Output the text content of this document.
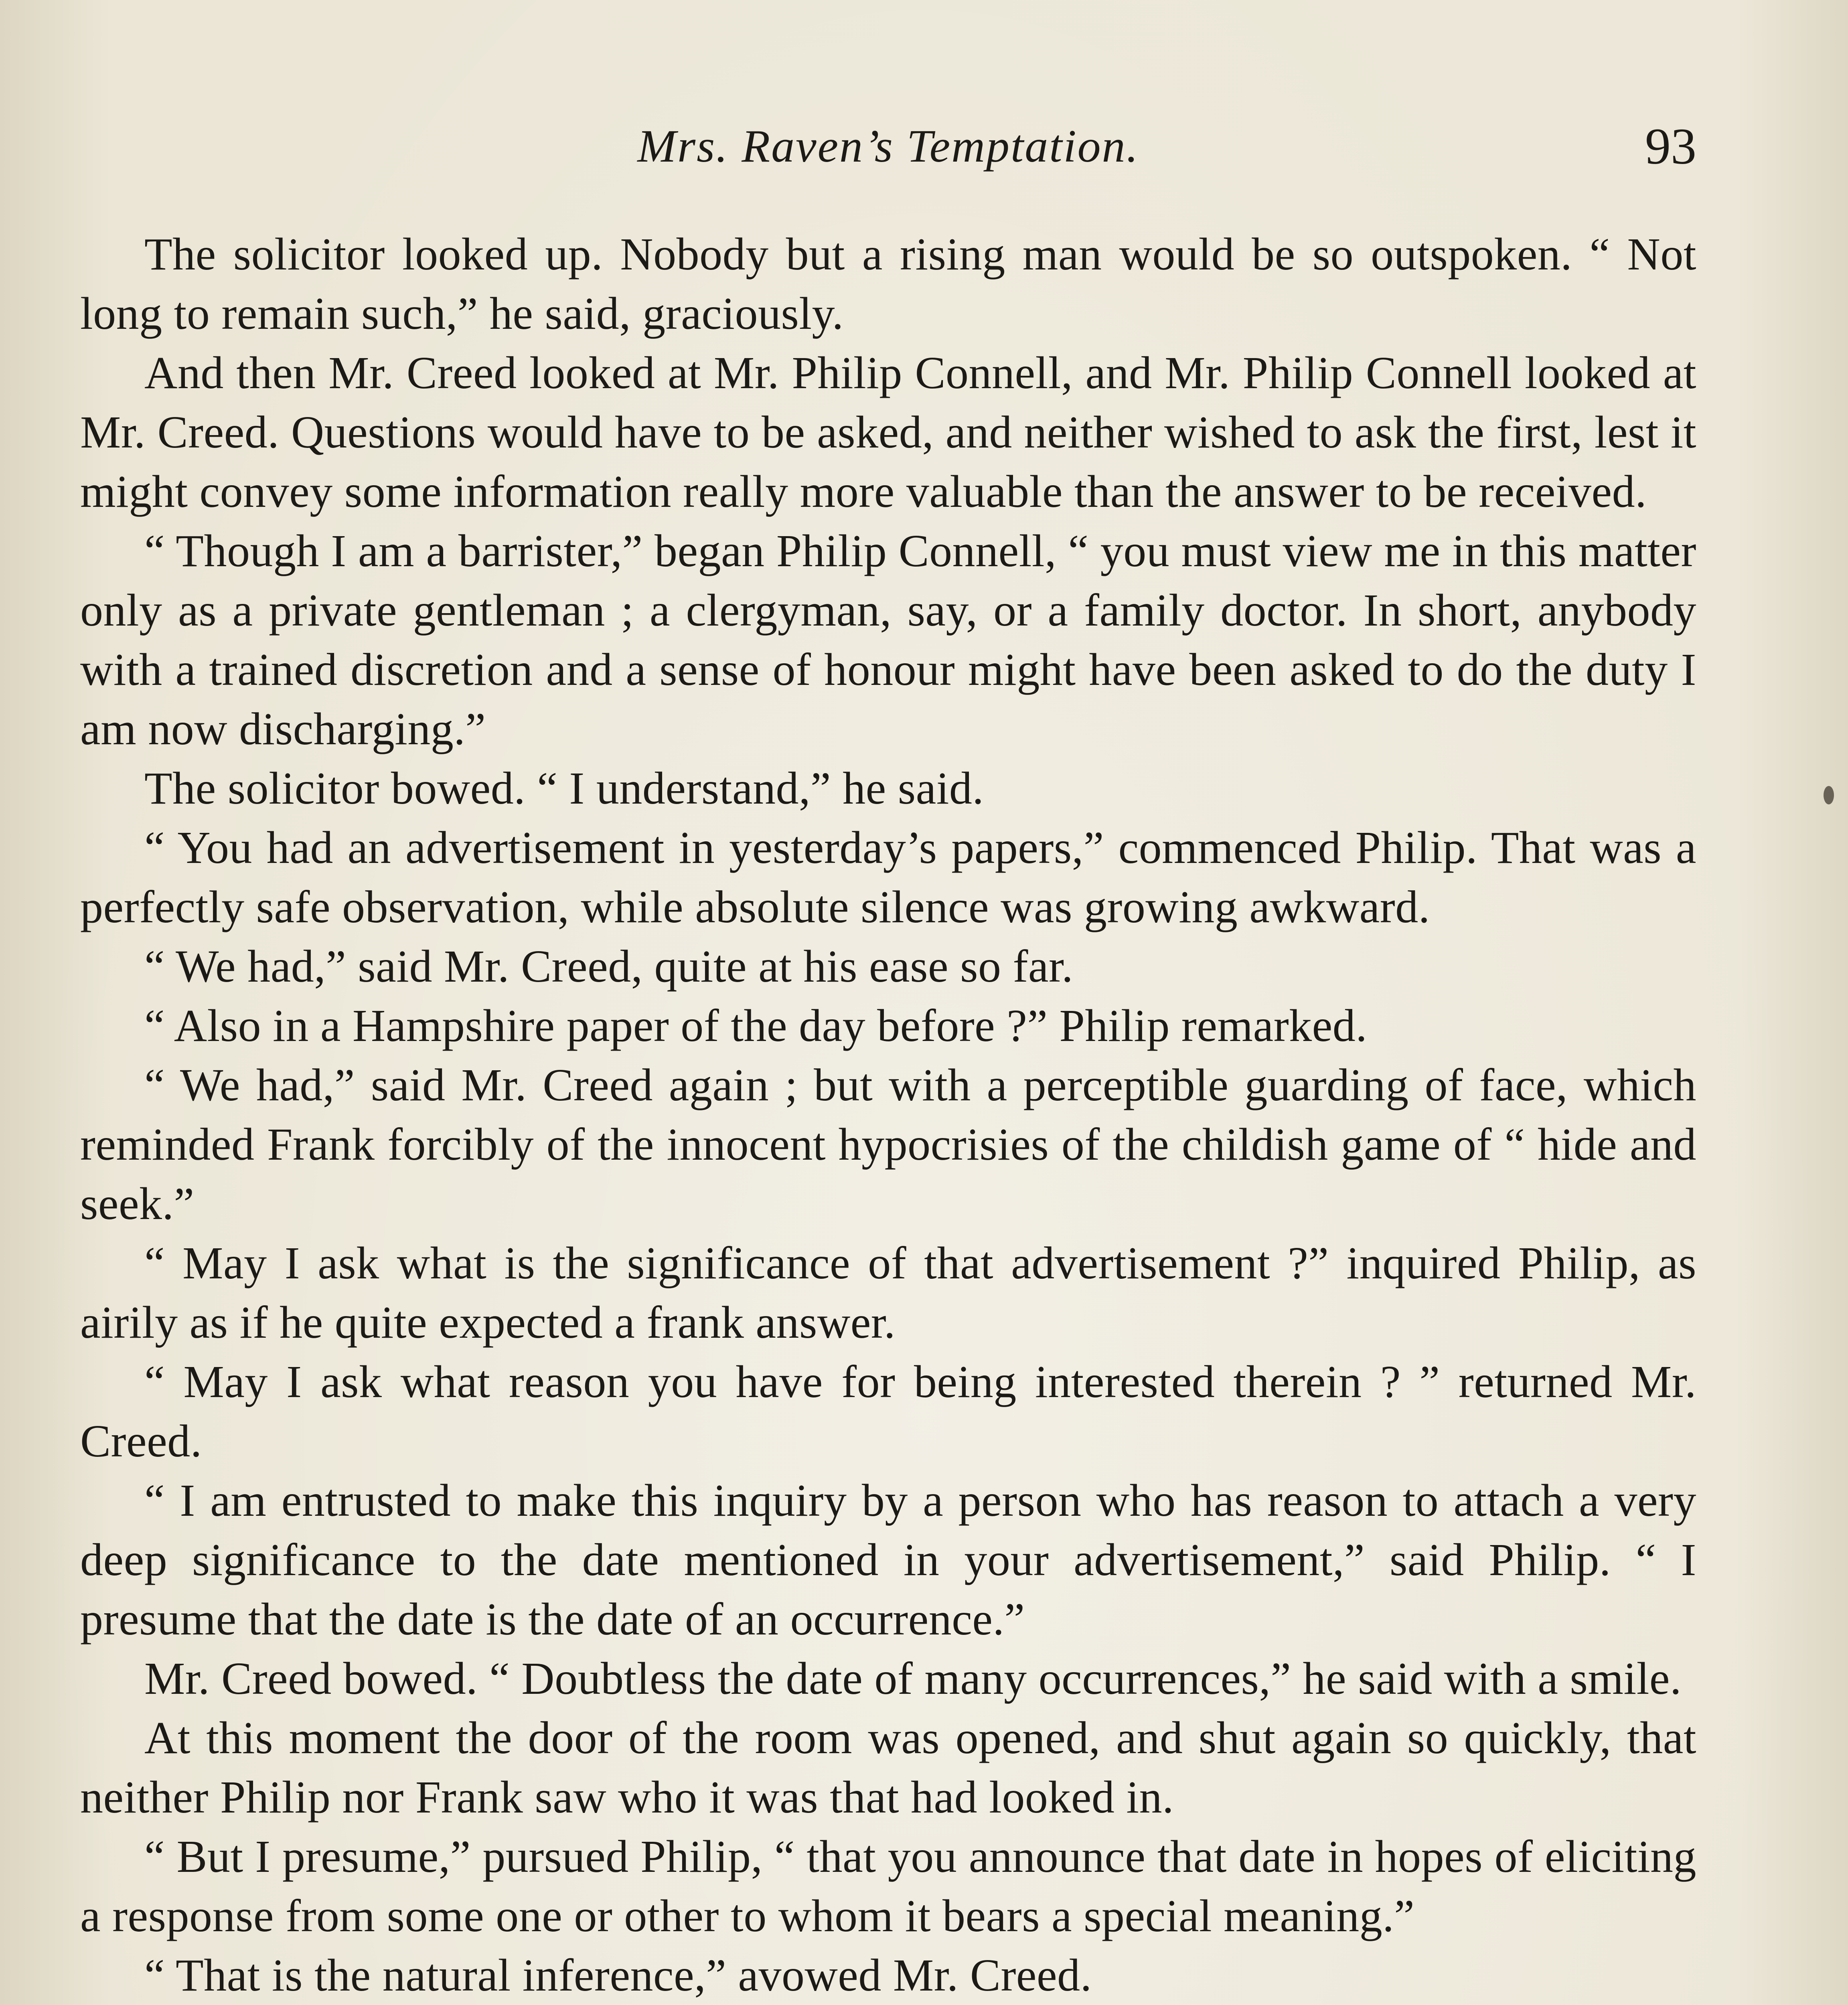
Mrs. Raven’s Temptation.	93

The solicitor looked up. Nobody but a rising man would be so outspoken. “ Not long to remain such,” he said, graciously.

And then Mr. Creed looked at Mr. Philip Connell, and Mr. Philip Connell looked at Mr. Creed. Questions would have to be asked, and neither wished to ask the first, lest it might convey some information really more valuable than the answer to be received.

“ Though I am a barrister,” began Philip Connell, “ you must view me in this matter only as a private gentleman ; a clergyman, say, or a family doctor. In short, anybody with a trained discretion and a sense of honour might have been asked to do the duty I am now discharging.”

The solicitor bowed. “ I understand,” he said.

“ You had an advertisement in yesterday’s papers,” commenced Philip. That was a perfectly safe observation, while absolute silence was growing awkward.

“ We had,” said Mr. Creed, quite at his ease so far.

“ Also in a Hampshire paper of the day before ?” Philip remarked.

“ We had,” said Mr. Creed again ; but with a perceptible guarding of face, which reminded Frank forcibly of the innocent hypocrisies of the childish game of “ hide and seek.”

“ May I ask what is the significance of that advertisement ?” inquired Philip, as airily as if he quite expected a frank answer.

“ May I ask what reason you have for being interested therein ? ” returned Mr. Creed.

“ I am entrusted to make this inquiry by a person who has reason to attach a very deep significance to the date mentioned in your advertisement,” said Philip. “ I presume that the date is the date of an occurrence.”

Mr. Creed bowed. “ Doubtless the date of many occurrences,” he said with a smile.

At this moment the door of the room was opened, and shut again so quickly, that neither Philip nor Frank saw who it was that had looked in.

“ But I presume,” pursued Philip, “ that you announce that date in hopes of eliciting a response from some one or other to whom it bears a special meaning.”

“ That is the natural inference,” avowed Mr. Creed.
